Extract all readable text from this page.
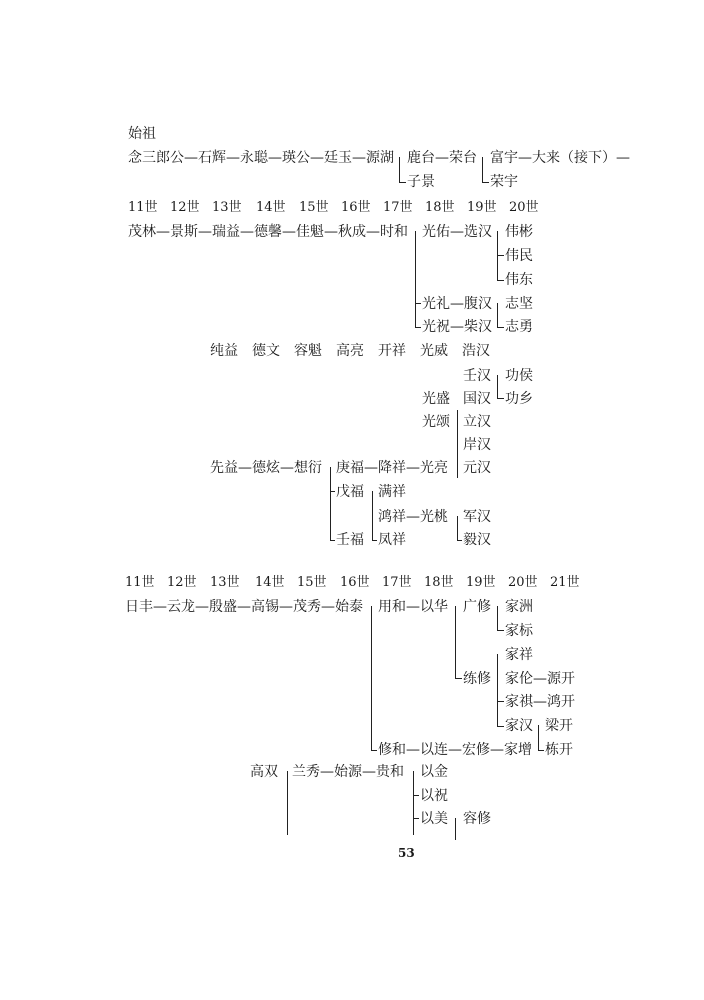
始祖
念三郎公—石辉—永聪—瑛公—廷玉—源湖 鹿台—荣台 富宇—大来（接下）—
子景	荣宇
11世 12世 13世 14世 15世 16世 17世 18世 19世 20世
茂林—景斯—瑞益—德馨—佳魁—秋成—时和 光佑—选汉 伟彬
伟民
伟东
光礼—腹汉 志坚
光祝—柴汉 志勇
纯益 德文 容魁 高亮 开祥 光威 浩汉
壬汉 功侯
光盛 国汉 功乡
光颂 立汉
岸汉
先益—德炫—想衍 庚福—降祥—光亮 元汉
戊福 满祥
鸿祥—光桃 军汉
壬福 凤祥	毅汉
11世 12世 13世 14世 15世 16世 17世 18世 19世 20世 21世
日丰—云龙—殷盛—高锡—茂秀—始泰 用和—以华 广修 家洲
家标
家祥
练修 家伦—源开
家祺—鸿开
家汉 梁开
修和—以连—宏修—家增 栋开
高双 兰秀—始源—贵和 以金
以祝
以美 容修
53
